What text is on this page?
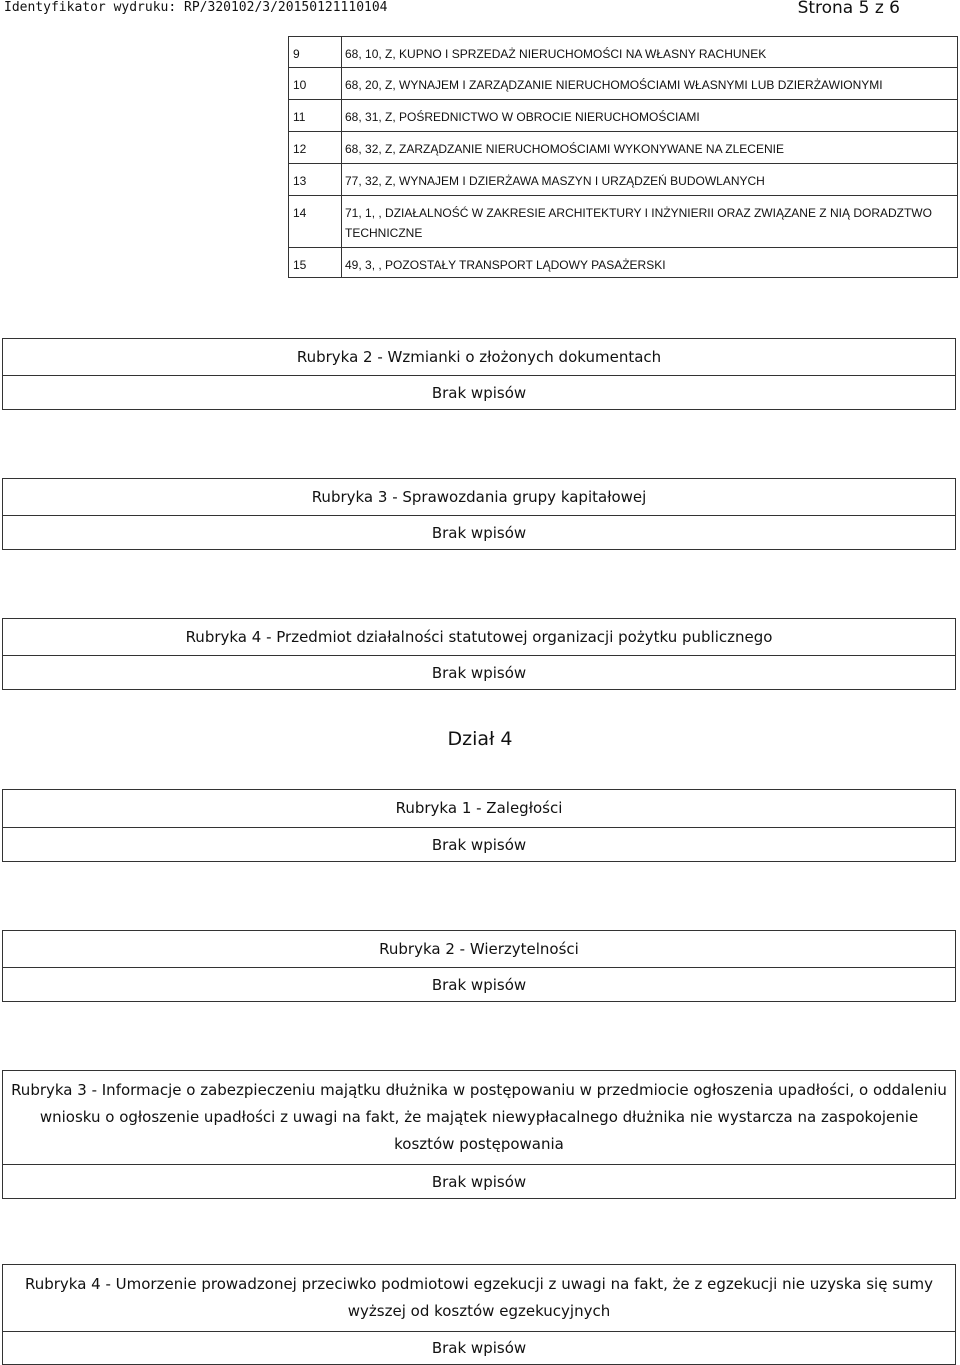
Identyfikator wydruku: RP/320102/3/20150121110104	Strona 5 z 6
9	68, 10, Z, KUPNO I SPRZEDAŻ NIERUCHOMOŚCI NA WŁASNY RACHUNEK

10	68, 20, Z, WYNAJEM I ZARZĄDZANIE NIERUCHOMOŚCIAMI WŁASNYMI LUB DZIERŻAWIONYMI

11	68, 31, Z, POŚREDNICTWO W OBROCIE NIERUCHOMOŚCIAMI

12	68, 32, Z, ZARZĄDZANIE NIERUCHOMOŚCIAMI WYKONYWANE NA ZLECENIE

13	77, 32, Z, WYNAJEM I DZIERŻAWA MASZYN I URZĄDZEŃ BUDOWLANYCH

14	71, 1, , DZIAŁALNOŚĆ W ZAKRESIE ARCHITEKTURY I INŻYNIERII ORAZ ZWIĄZANE Z NIĄ DORADZTWO TECHNICZNE

15	49, 3, , POZOSTAŁY TRANSPORT LĄDOWY PASAŻERSKI
Rubryka 2 - Wzmianki o złożonych dokumentach
Brak wpisów
Rubryka 3 - Sprawozdania grupy kapitałowej
Brak wpisów
Rubryka 4 - Przedmiot działalności statutowej organizacji pożytku publicznego
Brak wpisów
Dział 4
Rubryka 1 - Zaległości
Brak wpisów
Rubryka 2 - Wierzytelności
Brak wpisów
Rubryka 3 - Informacje o zabezpieczeniu majątku dłużnika w postępowaniu w przedmiocie ogłoszenia upadłości, o oddaleniu wniosku o ogłoszenie upadłości z uwagi na fakt, że majątek niewypłacalnego dłużnika nie wystarcza na zaspokojenie kosztów postępowania
Brak wpisów
Rubryka 4 - Umorzenie prowadzonej przeciwko podmiotowi egzekucji z uwagi na fakt, że z egzekucji nie uzyska się sumy wyższej od kosztów egzekucyjnych
Brak wpisów
